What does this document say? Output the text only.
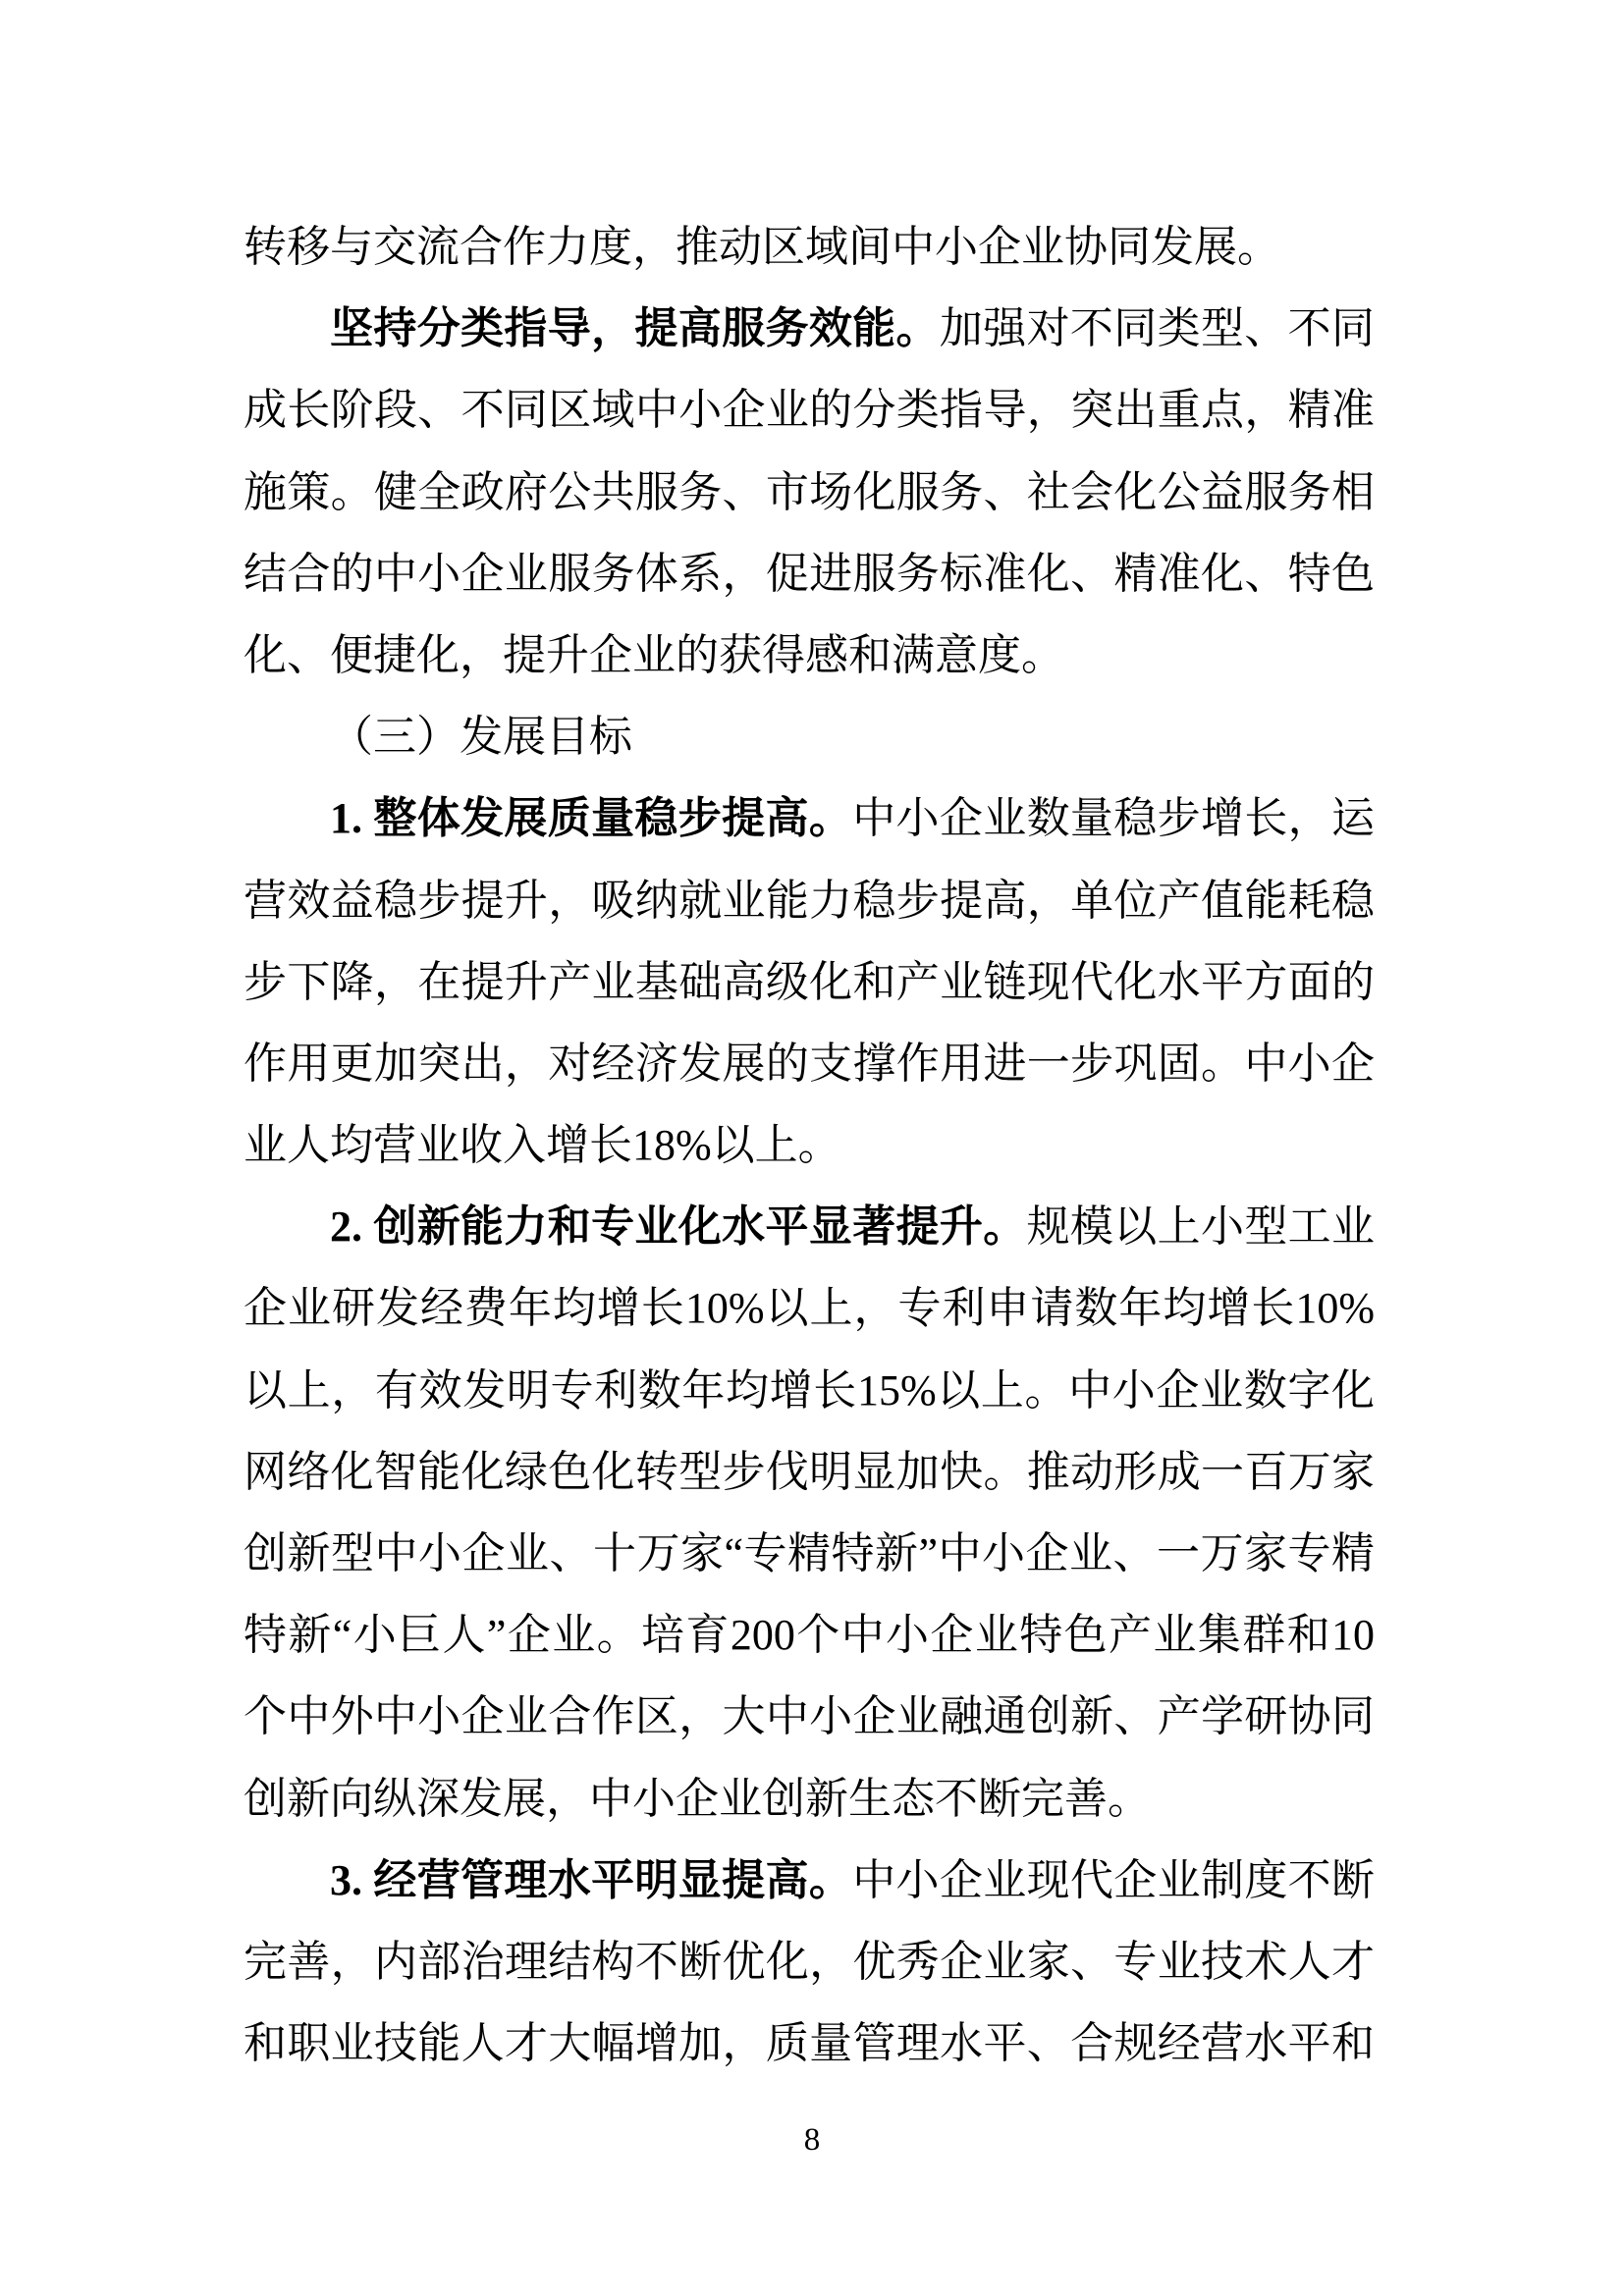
转移与交流合作力度，推动区域间中小企业协同发展。
坚持分类指导，提高服务效能。加强对不同类型、不同
成长阶段、不同区域中小企业的分类指导，突出重点，精准
施策。健全政府公共服务、市场化服务、社会化公益服务相
结合的中小企业服务体系，促进服务标准化、精准化、特色
化、便捷化，提升企业的获得感和满意度。
（三）发展目标
1. 整体发展质量稳步提高。中小企业数量稳步增长，运
营效益稳步提升，吸纳就业能力稳步提高，单位产值能耗稳
步下降，在提升产业基础高级化和产业链现代化水平方面的
作用更加突出，对经济发展的支撑作用进一步巩固。中小企
业人均营业收入增长18%以上。
2. 创新能力和专业化水平显著提升。规模以上小型工业
企业研发经费年均增长10%以上，专利申请数年均增长10%
以上，有效发明专利数年均增长15%以上。中小企业数字化
网络化智能化绿色化转型步伐明显加快。推动形成一百万家
创新型中小企业、十万家“专精特新”中小企业、一万家专精
特新“小巨人”企业。培育200个中小企业特色产业集群和10
个中外中小企业合作区，大中小企业融通创新、产学研协同
创新向纵深发展，中小企业创新生态不断完善。
3. 经营管理水平明显提高。中小企业现代企业制度不断
完善，内部治理结构不断优化，优秀企业家、专业技术人才
和职业技能人才大幅增加，质量管理水平、合规经营水平和
8
